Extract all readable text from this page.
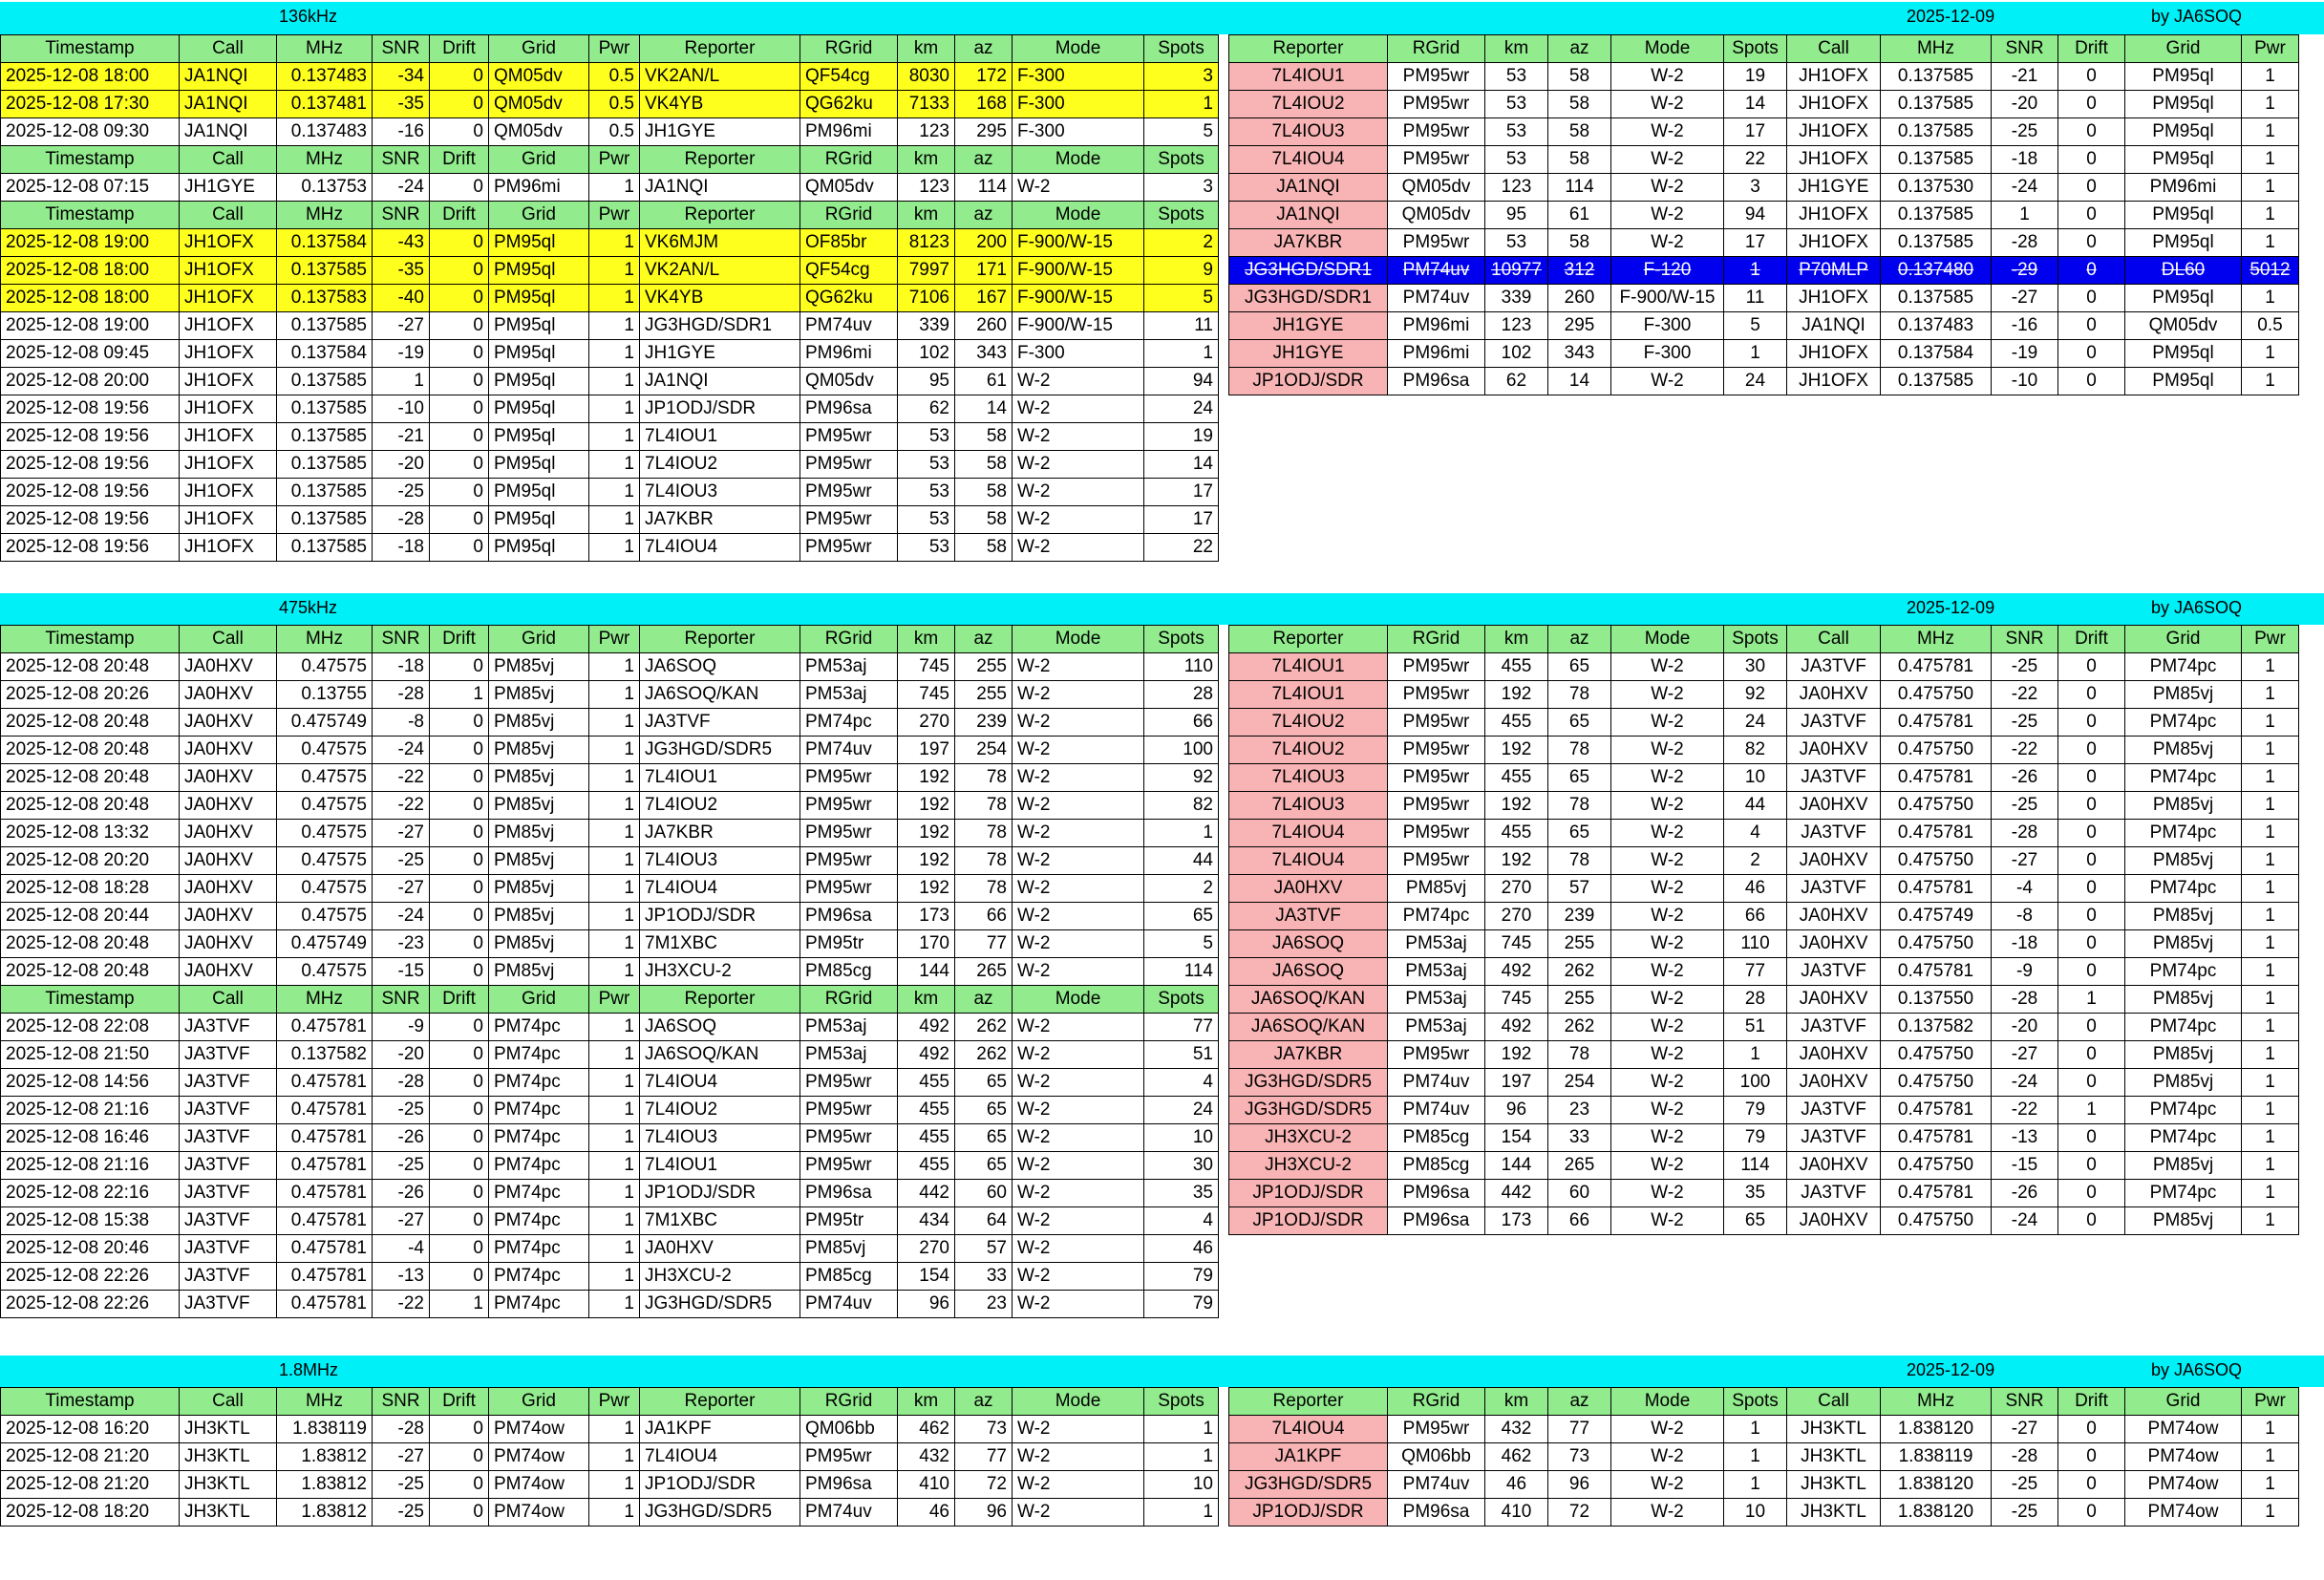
136kHz	2025-12-09	by JA6SOQ
Timestamp	Call	MHz	SNR	Drift	Grid	Pwr	Reporter	RGrid	km	az	Mode	Spots
2025-12-08 18:00	JA1NQI	0.137483	-34	0	QM05dv	0.5	VK2AN/L	QF54cg	8030	172	F-300	3
2025-12-08 17:30	JA1NQI	0.137481	-35	0	QM05dv	0.5	VK4YB	QG62ku	7133	168	F-300	1
2025-12-08 09:30	JA1NQI	0.137483	-16	0	QM05dv	0.5	JH1GYE	PM96mi	123	295	F-300	5
Timestamp	Call	MHz	SNR	Drift	Grid	Pwr	Reporter	RGrid	km	az	Mode	Spots
2025-12-08 07:15	JH1GYE	0.13753	-24	0	PM96mi	1	JA1NQI	QM05dv	123	114	W-2	3
Timestamp	Call	MHz	SNR	Drift	Grid	Pwr	Reporter	RGrid	km	az	Mode	Spots
2025-12-08 19:00	JH1OFX	0.137584	-43	0	PM95ql	1	VK6MJM	OF85br	8123	200	F-900/W-15	2
2025-12-08 18:00	JH1OFX	0.137585	-35	0	PM95ql	1	VK2AN/L	QF54cg	7997	171	F-900/W-15	9
2025-12-08 18:00	JH1OFX	0.137583	-40	0	PM95ql	1	VK4YB	QG62ku	7106	167	F-900/W-15	5
2025-12-08 19:00	JH1OFX	0.137585	-27	0	PM95ql	1	JG3HGD/SDR1	PM74uv	339	260	F-900/W-15	11
2025-12-08 09:45	JH1OFX	0.137584	-19	0	PM95ql	1	JH1GYE	PM96mi	102	343	F-300	1
2025-12-08 20:00	JH1OFX	0.137585	1	0	PM95ql	1	JA1NQI	QM05dv	95	61	W-2	94
2025-12-08 19:56	JH1OFX	0.137585	-10	0	PM95ql	1	JP1ODJ/SDR	PM96sa	62	14	W-2	24
2025-12-08 19:56	JH1OFX	0.137585	-21	0	PM95ql	1	7L4IOU1	PM95wr	53	58	W-2	19
2025-12-08 19:56	JH1OFX	0.137585	-20	0	PM95ql	1	7L4IOU2	PM95wr	53	58	W-2	14
2025-12-08 19:56	JH1OFX	0.137585	-25	0	PM95ql	1	7L4IOU3	PM95wr	53	58	W-2	17
2025-12-08 19:56	JH1OFX	0.137585	-28	0	PM95ql	1	JA7KBR	PM95wr	53	58	W-2	17
2025-12-08 19:56	JH1OFX	0.137585	-18	0	PM95ql	1	7L4IOU4	PM95wr	53	58	W-2	22
Reporter	RGrid	km	az	Mode	Spots	Call	MHz	SNR	Drift	Grid	Pwr
7L4IOU1	PM95wr	53	58	W-2	19	JH1OFX	0.137585	-21	0	PM95ql	1
7L4IOU2	PM95wr	53	58	W-2	14	JH1OFX	0.137585	-20	0	PM95ql	1
7L4IOU3	PM95wr	53	58	W-2	17	JH1OFX	0.137585	-25	0	PM95ql	1
7L4IOU4	PM95wr	53	58	W-2	22	JH1OFX	0.137585	-18	0	PM95ql	1
JA1NQI	QM05dv	123	114	W-2	3	JH1GYE	0.137530	-24	0	PM96mi	1
JA1NQI	QM05dv	95	61	W-2	94	JH1OFX	0.137585	1	0	PM95ql	1
JA7KBR	PM95wr	53	58	W-2	17	JH1OFX	0.137585	-28	0	PM95ql	1
JG3HGD/SDR1	PM74uv	10977	312	F-120	1	P70MLP	0.137480	-29	0	DL60	5012
JG3HGD/SDR1	PM74uv	339	260	F-900/W-15	11	JH1OFX	0.137585	-27	0	PM95ql	1
JH1GYE	PM96mi	123	295	F-300	5	JA1NQI	0.137483	-16	0	QM05dv	0.5
JH1GYE	PM96mi	102	343	F-300	1	JH1OFX	0.137584	-19	0	PM95ql	1
JP1ODJ/SDR	PM96sa	62	14	W-2	24	JH1OFX	0.137585	-10	0	PM95ql	1
475kHz	2025-12-09	by JA6SOQ
Timestamp	Call	MHz	SNR	Drift	Grid	Pwr	Reporter	RGrid	km	az	Mode	Spots
2025-12-08 20:48	JA0HXV	0.47575	-18	0	PM85vj	1	JA6SOQ	PM53aj	745	255	W-2	110
2025-12-08 20:26	JA0HXV	0.13755	-28	1	PM85vj	1	JA6SOQ/KAN	PM53aj	745	255	W-2	28
2025-12-08 20:48	JA0HXV	0.475749	-8	0	PM85vj	1	JA3TVF	PM74pc	270	239	W-2	66
2025-12-08 20:48	JA0HXV	0.47575	-24	0	PM85vj	1	JG3HGD/SDR5	PM74uv	197	254	W-2	100
2025-12-08 20:48	JA0HXV	0.47575	-22	0	PM85vj	1	7L4IOU1	PM95wr	192	78	W-2	92
2025-12-08 20:48	JA0HXV	0.47575	-22	0	PM85vj	1	7L4IOU2	PM95wr	192	78	W-2	82
2025-12-08 13:32	JA0HXV	0.47575	-27	0	PM85vj	1	JA7KBR	PM95wr	192	78	W-2	1
2025-12-08 20:20	JA0HXV	0.47575	-25	0	PM85vj	1	7L4IOU3	PM95wr	192	78	W-2	44
2025-12-08 18:28	JA0HXV	0.47575	-27	0	PM85vj	1	7L4IOU4	PM95wr	192	78	W-2	2
2025-12-08 20:44	JA0HXV	0.47575	-24	0	PM85vj	1	JP1ODJ/SDR	PM96sa	173	66	W-2	65
2025-12-08 20:48	JA0HXV	0.475749	-23	0	PM85vj	1	7M1XBC	PM95tr	170	77	W-2	5
2025-12-08 20:48	JA0HXV	0.47575	-15	0	PM85vj	1	JH3XCU-2	PM85cg	144	265	W-2	114
Timestamp	Call	MHz	SNR	Drift	Grid	Pwr	Reporter	RGrid	km	az	Mode	Spots
2025-12-08 22:08	JA3TVF	0.475781	-9	0	PM74pc	1	JA6SOQ	PM53aj	492	262	W-2	77
2025-12-08 21:50	JA3TVF	0.137582	-20	0	PM74pc	1	JA6SOQ/KAN	PM53aj	492	262	W-2	51
2025-12-08 14:56	JA3TVF	0.475781	-28	0	PM74pc	1	7L4IOU4	PM95wr	455	65	W-2	4
2025-12-08 21:16	JA3TVF	0.475781	-25	0	PM74pc	1	7L4IOU2	PM95wr	455	65	W-2	24
2025-12-08 16:46	JA3TVF	0.475781	-26	0	PM74pc	1	7L4IOU3	PM95wr	455	65	W-2	10
2025-12-08 21:16	JA3TVF	0.475781	-25	0	PM74pc	1	7L4IOU1	PM95wr	455	65	W-2	30
2025-12-08 22:16	JA3TVF	0.475781	-26	0	PM74pc	1	JP1ODJ/SDR	PM96sa	442	60	W-2	35
2025-12-08 15:38	JA3TVF	0.475781	-27	0	PM74pc	1	7M1XBC	PM95tr	434	64	W-2	4
2025-12-08 20:46	JA3TVF	0.475781	-4	0	PM74pc	1	JA0HXV	PM85vj	270	57	W-2	46
2025-12-08 22:26	JA3TVF	0.475781	-13	0	PM74pc	1	JH3XCU-2	PM85cg	154	33	W-2	79
2025-12-08 22:26	JA3TVF	0.475781	-22	1	PM74pc	1	JG3HGD/SDR5	PM74uv	96	23	W-2	79
Reporter	RGrid	km	az	Mode	Spots	Call	MHz	SNR	Drift	Grid	Pwr
7L4IOU1	PM95wr	455	65	W-2	30	JA3TVF	0.475781	-25	0	PM74pc	1
7L4IOU1	PM95wr	192	78	W-2	92	JA0HXV	0.475750	-22	0	PM85vj	1
7L4IOU2	PM95wr	455	65	W-2	24	JA3TVF	0.475781	-25	0	PM74pc	1
7L4IOU2	PM95wr	192	78	W-2	82	JA0HXV	0.475750	-22	0	PM85vj	1
7L4IOU3	PM95wr	455	65	W-2	10	JA3TVF	0.475781	-26	0	PM74pc	1
7L4IOU3	PM95wr	192	78	W-2	44	JA0HXV	0.475750	-25	0	PM85vj	1
7L4IOU4	PM95wr	455	65	W-2	4	JA3TVF	0.475781	-28	0	PM74pc	1
7L4IOU4	PM95wr	192	78	W-2	2	JA0HXV	0.475750	-27	0	PM85vj	1
JA0HXV	PM85vj	270	57	W-2	46	JA3TVF	0.475781	-4	0	PM74pc	1
JA3TVF	PM74pc	270	239	W-2	66	JA0HXV	0.475749	-8	0	PM85vj	1
JA6SOQ	PM53aj	745	255	W-2	110	JA0HXV	0.475750	-18	0	PM85vj	1
JA6SOQ	PM53aj	492	262	W-2	77	JA3TVF	0.475781	-9	0	PM74pc	1
JA6SOQ/KAN	PM53aj	745	255	W-2	28	JA0HXV	0.137550	-28	1	PM85vj	1
JA6SOQ/KAN	PM53aj	492	262	W-2	51	JA3TVF	0.137582	-20	0	PM74pc	1
JA7KBR	PM95wr	192	78	W-2	1	JA0HXV	0.475750	-27	0	PM85vj	1
JG3HGD/SDR5	PM74uv	197	254	W-2	100	JA0HXV	0.475750	-24	0	PM85vj	1
JG3HGD/SDR5	PM74uv	96	23	W-2	79	JA3TVF	0.475781	-22	1	PM74pc	1
JH3XCU-2	PM85cg	154	33	W-2	79	JA3TVF	0.475781	-13	0	PM74pc	1
JH3XCU-2	PM85cg	144	265	W-2	114	JA0HXV	0.475750	-15	0	PM85vj	1
JP1ODJ/SDR	PM96sa	442	60	W-2	35	JA3TVF	0.475781	-26	0	PM74pc	1
JP1ODJ/SDR	PM96sa	173	66	W-2	65	JA0HXV	0.475750	-24	0	PM85vj	1
1.8MHz	2025-12-09	by JA6SOQ
Timestamp	Call	MHz	SNR	Drift	Grid	Pwr	Reporter	RGrid	km	az	Mode	Spots
2025-12-08 16:20	JH3KTL	1.838119	-28	0	PM74ow	1	JA1KPF	QM06bb	462	73	W-2	1
2025-12-08 21:20	JH3KTL	1.83812	-27	0	PM74ow	1	7L4IOU4	PM95wr	432	77	W-2	1
2025-12-08 21:20	JH3KTL	1.83812	-25	0	PM74ow	1	JP1ODJ/SDR	PM96sa	410	72	W-2	10
2025-12-08 18:20	JH3KTL	1.83812	-25	0	PM74ow	1	JG3HGD/SDR5	PM74uv	46	96	W-2	1
Reporter	RGrid	km	az	Mode	Spots	Call	MHz	SNR	Drift	Grid	Pwr
7L4IOU4	PM95wr	432	77	W-2	1	JH3KTL	1.838120	-27	0	PM74ow	1
JA1KPF	QM06bb	462	73	W-2	1	JH3KTL	1.838119	-28	0	PM74ow	1
JG3HGD/SDR5	PM74uv	46	96	W-2	1	JH3KTL	1.838120	-25	0	PM74ow	1
JP1ODJ/SDR	PM96sa	410	72	W-2	10	JH3KTL	1.838120	-25	0	PM74ow	1
